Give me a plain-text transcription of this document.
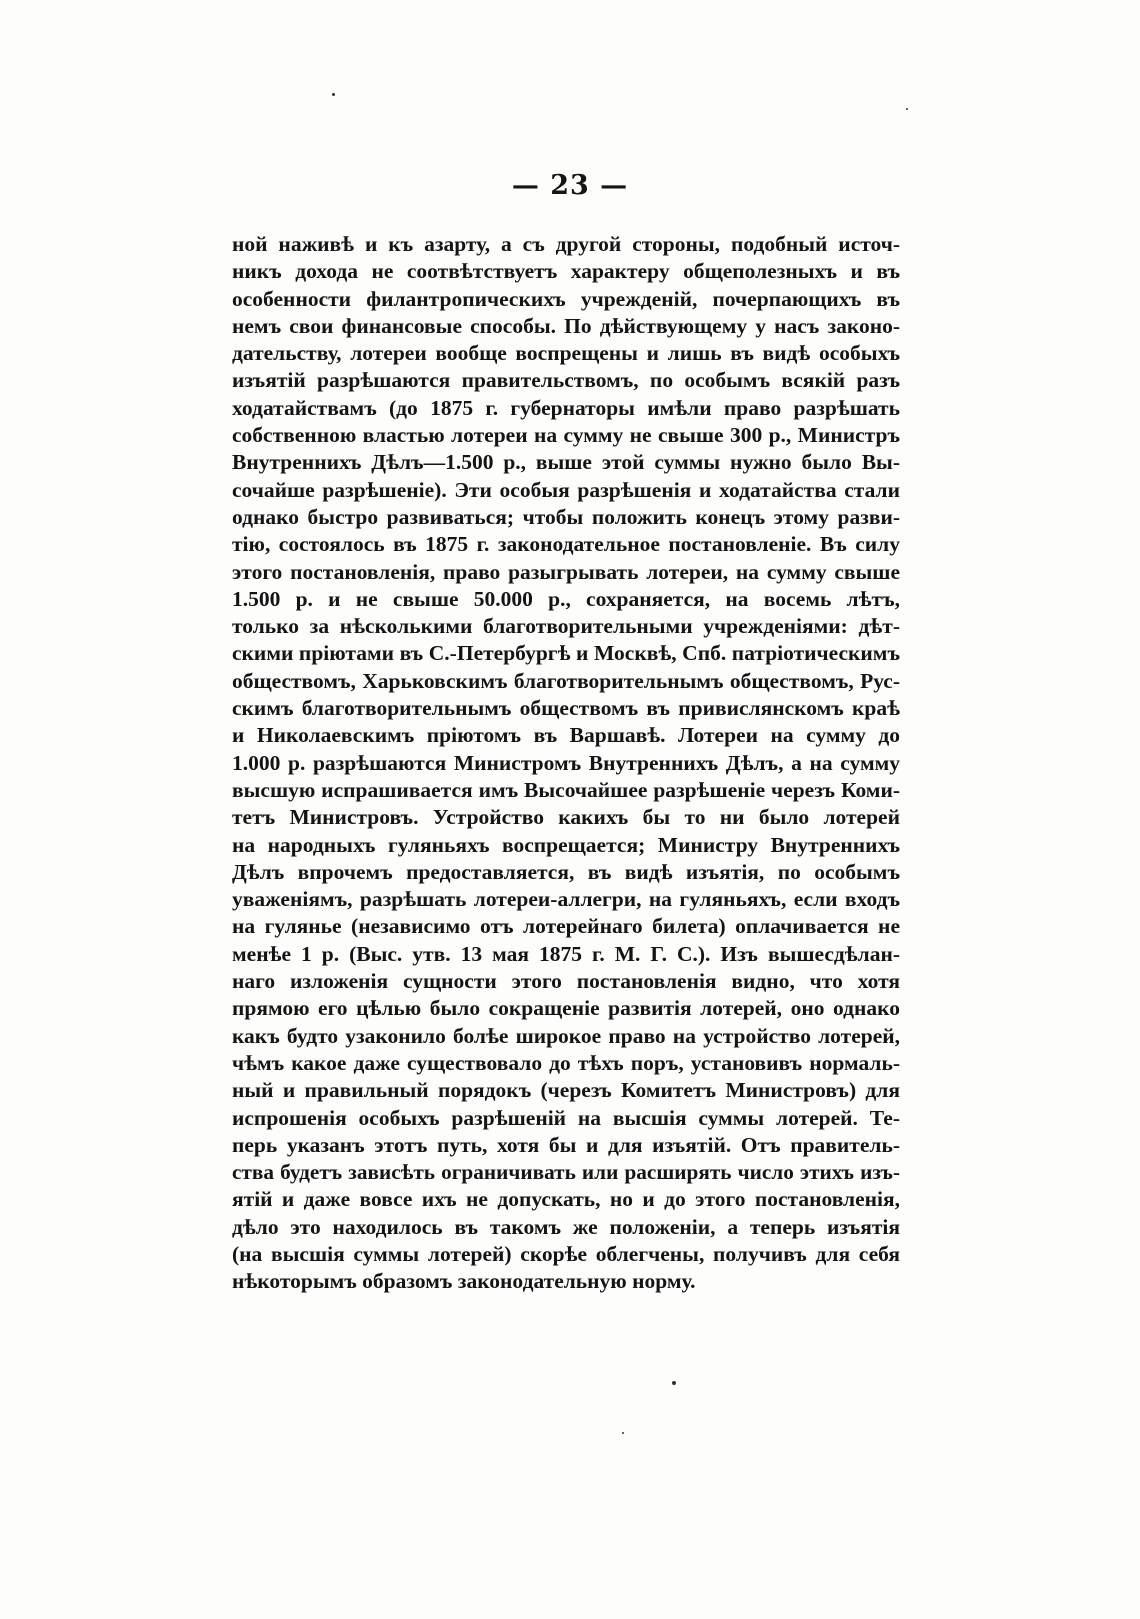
— 23 —
ной наживѣ и къ азарту, а съ другой стороны, подобный источ-
никъ дохода не соотвѣтствуетъ характеру общеполезныхъ и въ
особенности филантропическихъ учрежденій, почерпающихъ въ
немъ свои финансовые способы. По дѣйствующему у насъ законо-
дательству, лотереи вообще воспрещены и лишь въ видѣ особыхъ
изъятій разрѣшаются правительствомъ, по особымъ всякій разъ
ходатайствамъ (до 1875 г. губернаторы имѣли право разрѣшать
собственною властью лотереи на сумму не свыше 300 р., Министръ
Внутреннихъ Дѣлъ—1.500 р., выше этой суммы нужно было Вы-
сочайше разрѣшеніе). Эти особыя разрѣшенія и ходатайства стали
однако быстро развиваться; чтобы положить конецъ этому разви-
тію, состоялось въ 1875 г. законодательное постановленіе. Въ силу
этого постановленія, право разыгрывать лотереи, на сумму свыше
1.500 р. и не свыше 50.000 р., сохраняется, на восемь лѣтъ,
только за нѣсколькими благотворительными учрежденіями: дѣт-
скими пріютами въ С.-Петербургѣ и Москвѣ, Спб. патріотическимъ
обществомъ, Харьковскимъ благотворительнымъ обществомъ, Рус-
скимъ благотворительнымъ обществомъ въ привислянскомъ краѣ
и Николаевскимъ пріютомъ въ Варшавѣ. Лотереи на сумму до
1.000 р. разрѣшаются Министромъ Внутреннихъ Дѣлъ, а на сумму
высшую испрашивается имъ Высочайшее разрѣшеніе черезъ Коми-
тетъ Министровъ. Устройство какихъ бы то ни было лотерей
на народныхъ гуляньяхъ воспрещается; Министру Внутреннихъ
Дѣлъ впрочемъ предоставляется, въ видѣ изъятія, по особымъ
уваженіямъ, разрѣшать лотереи-аллегри, на гуляньяхъ, если входъ
на гулянье (независимо отъ лотерейнаго билета) оплачивается не
менѣе 1 р. (Выс. утв. 13 мая 1875 г. М. Г. С.). Изъ вышесдѣлан-
наго изложенія сущности этого постановленія видно, что хотя
прямою его цѣлью было сокращеніе развитія лотерей, оно однако
какъ будто узаконило болѣе широкое право на устройство лотерей,
чѣмъ какое даже существовало до тѣхъ поръ, установивъ нормаль-
ный и правильный порядокъ (черезъ Комитетъ Министровъ) для
испрошенія особыхъ разрѣшеній на высшія суммы лотерей. Те-
перь указанъ этотъ путь, хотя бы и для изъятій. Отъ правитель-
ства будетъ зависѣть ограничивать или расширять число этихъ изъ-
ятій и даже вовсе ихъ не допускать, но и до этого постановленія,
дѣло это находилось въ такомъ же положеніи, а теперь изъятія
(на высшія суммы лотерей) скорѣе облегчены, получивъ для себя
нѣкоторымъ образомъ законодательную норму.
